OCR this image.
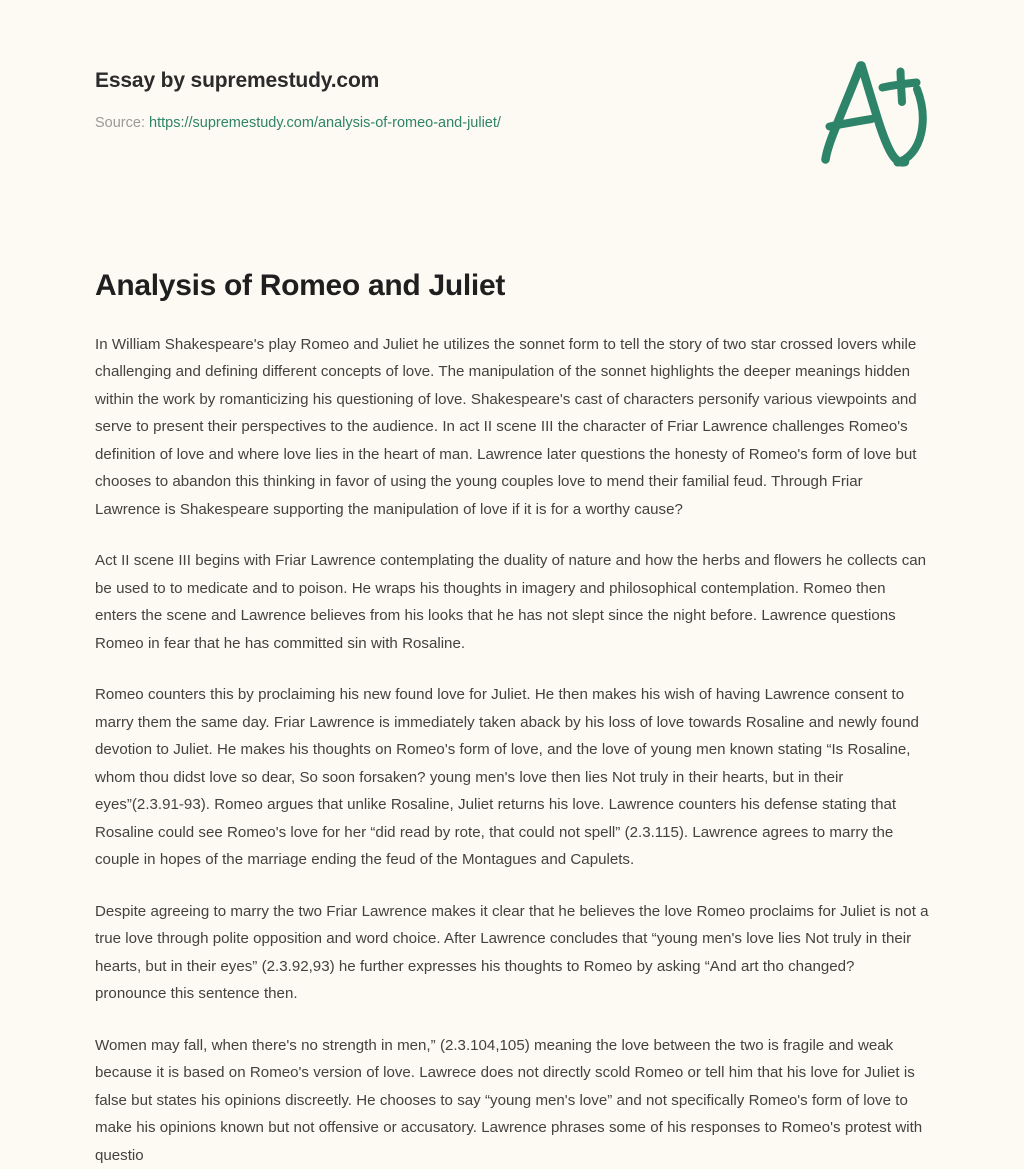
Essay by supremestudy.com
Source: https://supremestudy.com/analysis-of-romeo-and-juliet/
Analysis of Romeo and Juliet

In William Shakespeare's play Romeo and Juliet he utilizes the sonnet form to tell the story of two star crossed lovers while challenging and defining different concepts of love. The manipulation of the sonnet highlights the deeper meanings hidden within the work by romanticizing his questioning of love. Shakespeare's cast of characters personify various viewpoints and serve to present their perspectives to the audience. In act II scene III the character of Friar Lawrence challenges Romeo's definition of love and where love lies in the heart of man. Lawrence later questions the honesty of Romeo's form of love but chooses to abandon this thinking in favor of using the young couples love to mend their familial feud. Through Friar Lawrence is Shakespeare supporting the manipulation of love if it is for a worthy cause?

Act II scene III begins with Friar Lawrence contemplating the duality of nature and how the herbs and flowers he collects can be used to to medicate and to poison. He wraps his thoughts in imagery and philosophical contemplation. Romeo then enters the scene and Lawrence believes from his looks that he has not slept since the night before. Lawrence questions Romeo in fear that he has committed sin with Rosaline.

Romeo counters this by proclaiming his new found love for Juliet. He then makes his wish of having Lawrence consent to marry them the same day. Friar Lawrence is immediately taken aback by his loss of love towards Rosaline and newly found devotion to Juliet. He makes his thoughts on Romeo's form of love, and the love of young men known stating “Is Rosaline, whom thou didst love so dear, So soon forsaken? young men's love then lies Not truly in their hearts, but in their eyes”(2.3.91-93). Romeo argues that unlike Rosaline, Juliet returns his love. Lawrence counters his defense stating that Rosaline could see Romeo's love for her “did read by rote, that could not spell” (2.3.115). Lawrence agrees to marry the couple in hopes of the marriage ending the feud of the Montagues and Capulets.

Despite agreeing to marry the two Friar Lawrence makes it clear that he believes the love Romeo proclaims for Juliet is not a true love through polite opposition and word choice. After Lawrence concludes that “young men's love lies Not truly in their hearts, but in their eyes” (2.3.92,93) he further expresses his thoughts to Romeo by asking “And art tho changed? pronounce this sentence then.

Women may fall, when there's no strength in men,” (2.3.104,105) meaning the love between the two is fragile and weak because it is based on Romeo's version of love. Lawrece does not directly scold Romeo or tell him that his love for Juliet is false but states his opinions discreetly. He chooses to say “young men's love” and not specifically Romeo's form of love to make his opinions known but not offensive or accusatory. Lawrence phrases some of his responses to Romeo's protest with questio
